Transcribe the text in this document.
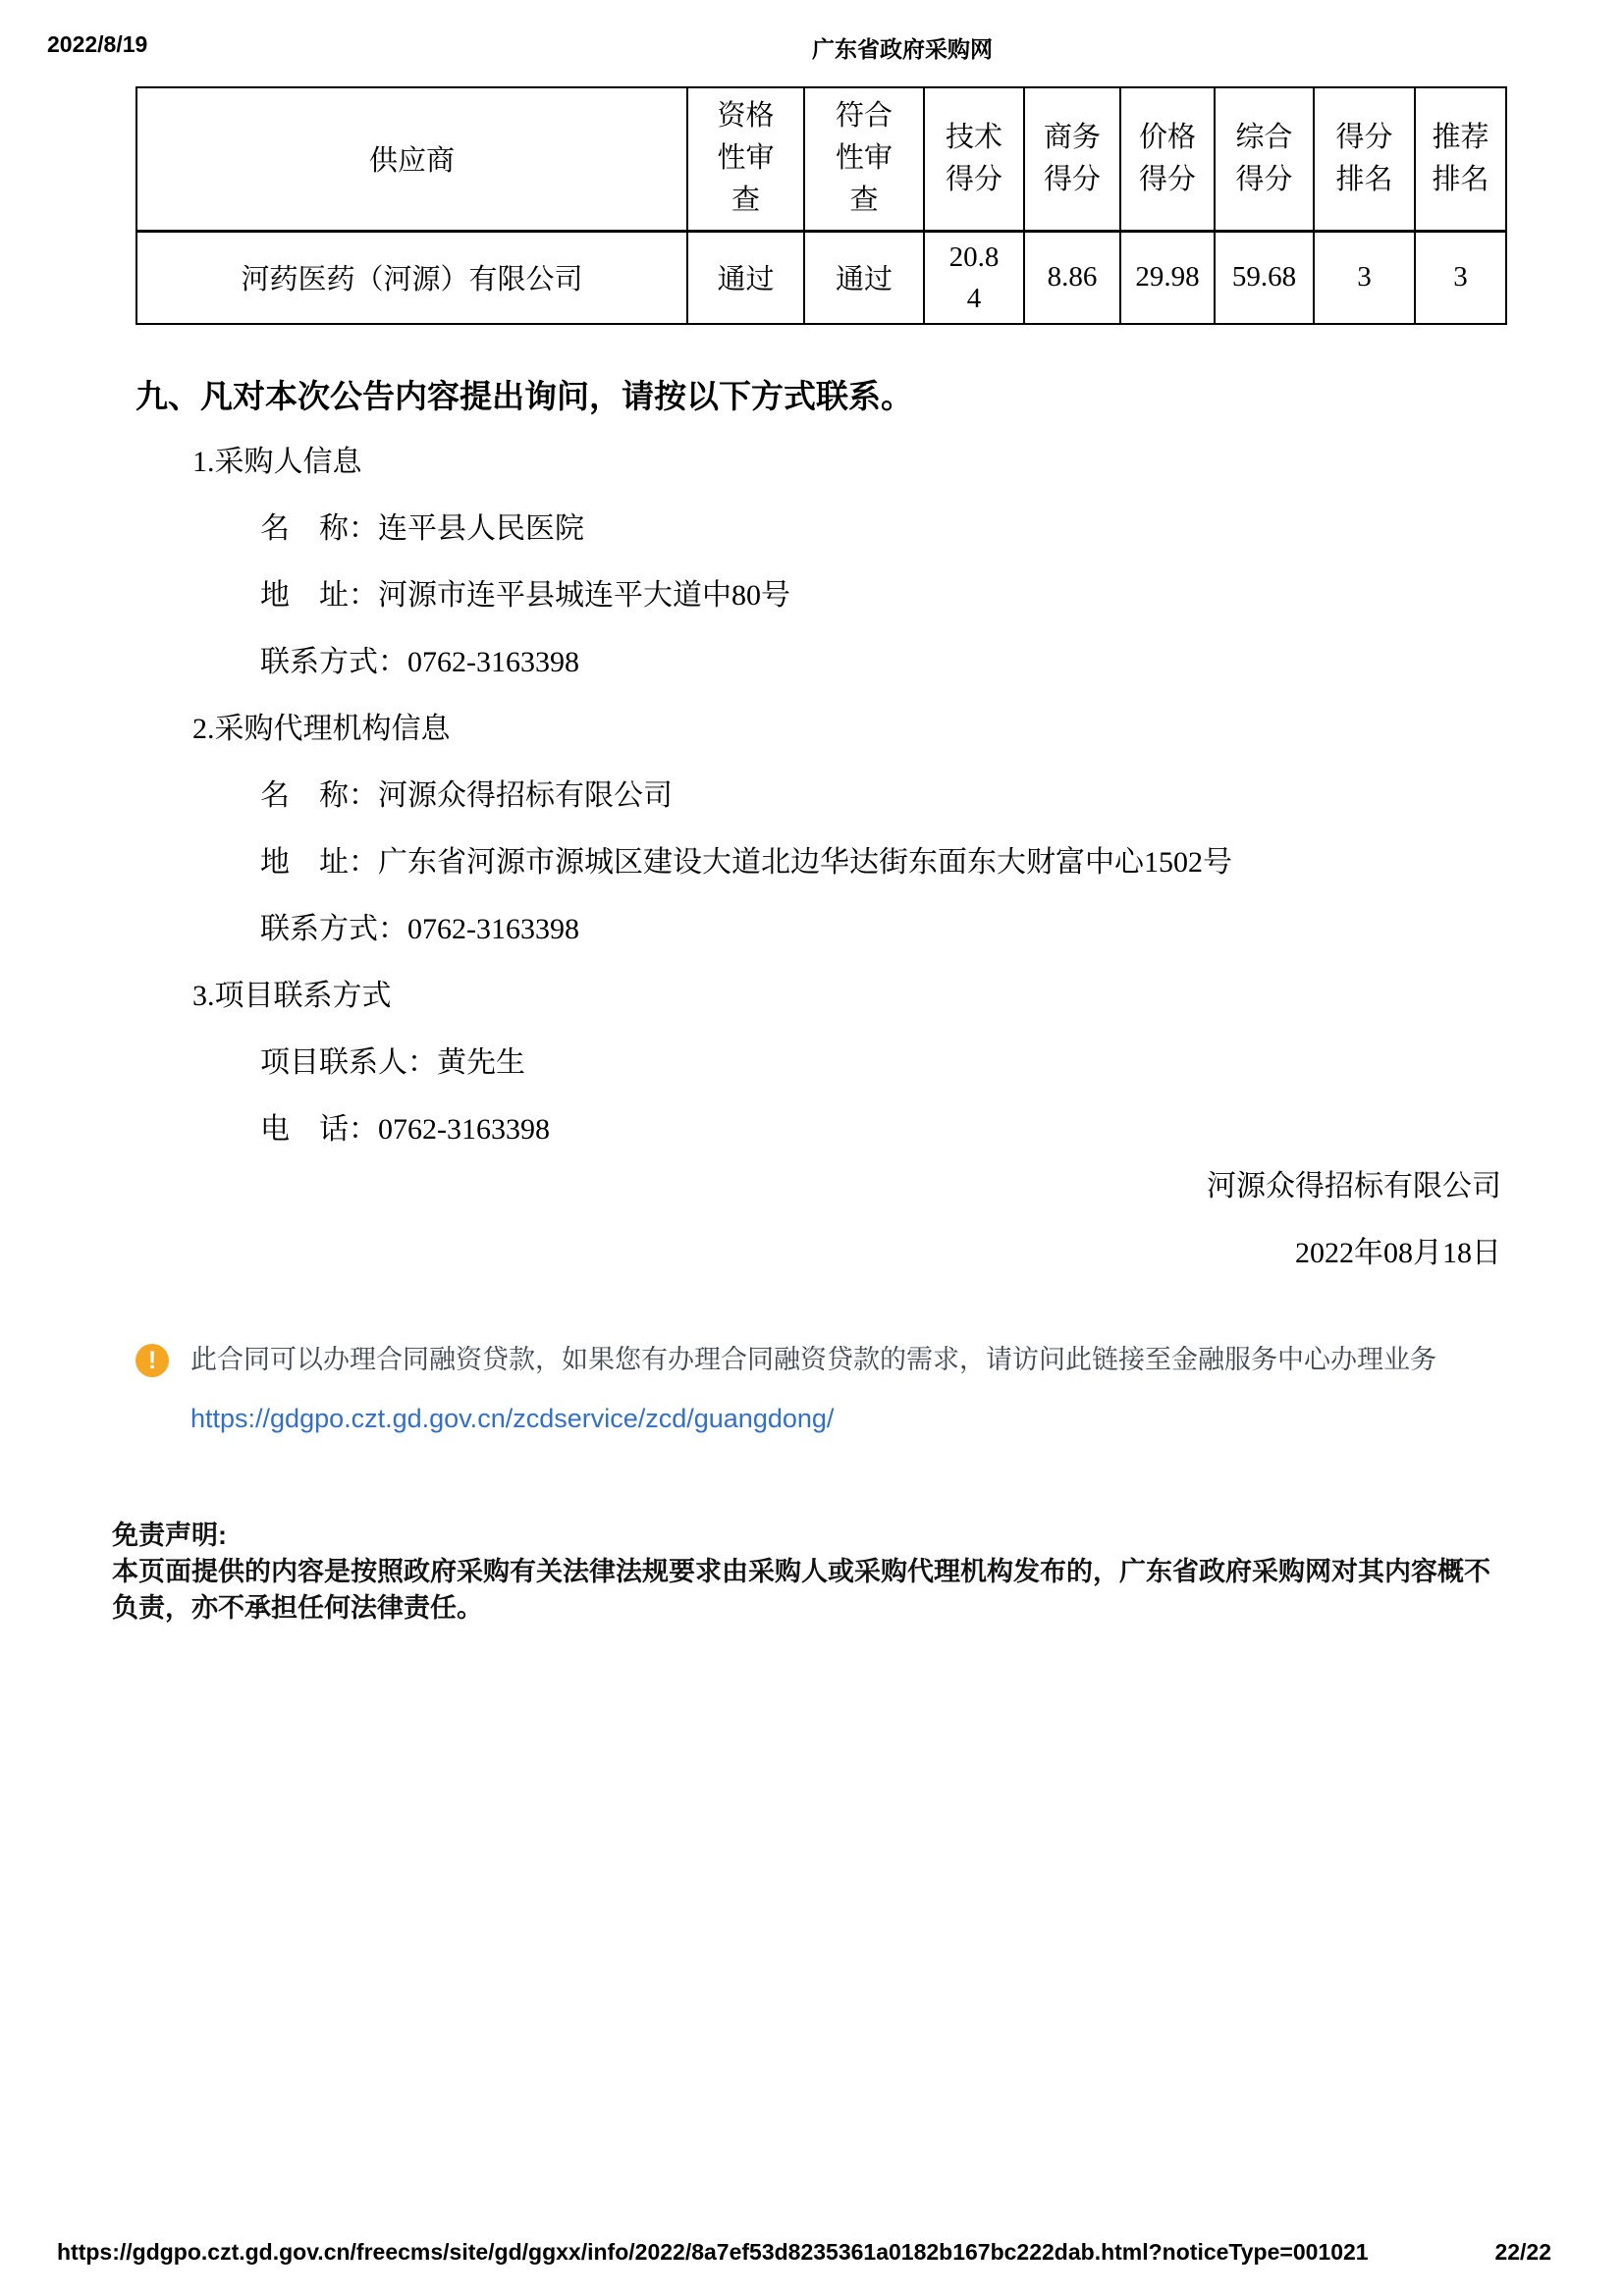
2022/8/19	广东省政府采购网
供应商	资格性审查	符合性审查	技术得分	商务得分	价格得分	综合得分	得分排名	推荐排名
河药医药（河源）有限公司	通过	通过	20.84	8.86	29.98	59.68	3	3
九、凡对本次公告内容提出询问，请按以下方式联系。

1.采购人信息

名　称：连平县人民医院

地　址：河源市连平县城连平大道中80号

联系方式：0762-3163398

2.采购代理机构信息

名　称：河源众得招标有限公司

地　址：广东省河源市源城区建设大道北边华达街东面东大财富中心1502号

联系方式：0762-3163398

3.项目联系方式

项目联系人：黄先生

电　话：0762-3163398

河源众得招标有限公司

2022年08月18日

!	此合同可以办理合同融资贷款，如果您有办理合同融资贷款的需求，请访问此链接至金融服务中心办理业务

https://gdgpo.czt.gd.gov.cn/zcdservice/zcd/guangdong/

免责声明:

本页面提供的内容是按照政府采购有关法律法规要求由采购人或采购代理机构发布的，广东省政府采购网对其内容概不负责，亦不承担任何法律责任。

https://gdgpo.czt.gd.gov.cn/freecms/site/gd/ggxx/info/2022/8a7ef53d8235361a0182b167bc222dab.html?noticeType=001021	22/22
